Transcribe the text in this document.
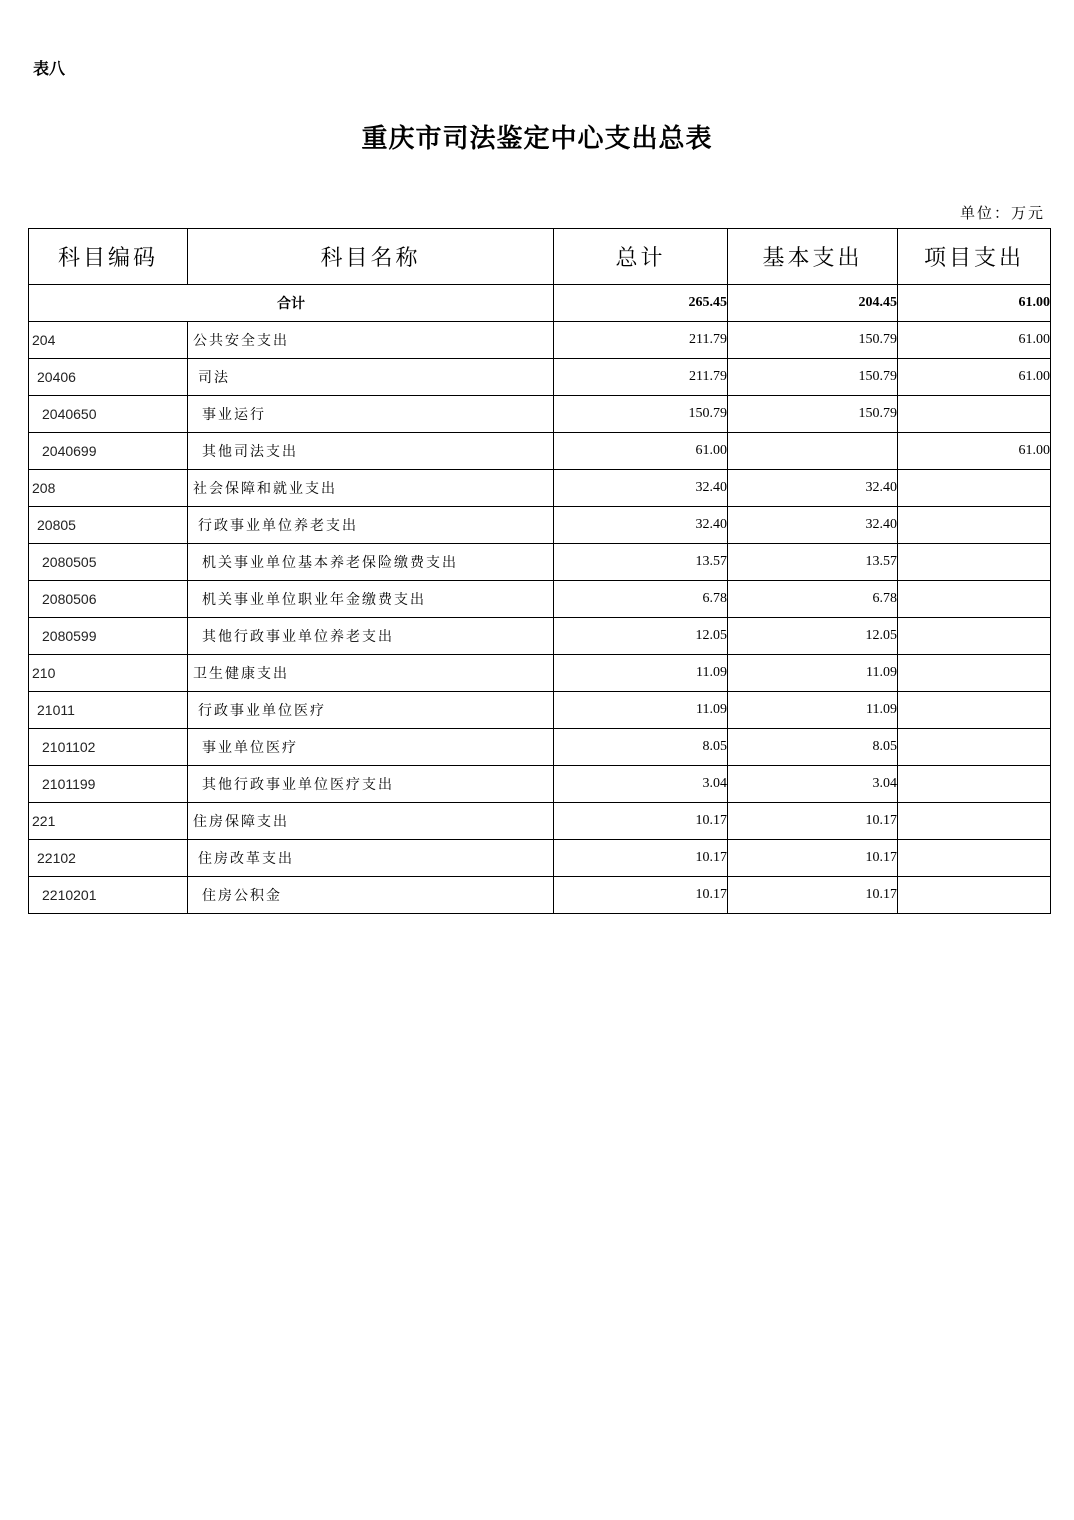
表八
重庆市司法鉴定中心支出总表
单位：万元
科目编码	科目名称	总计	基本支出	项目支出
合计		265.45	204.45	61.00
204	公共安全支出	211.79	150.79	61.00
20406	司法	211.79	150.79	61.00
2040650	事业运行	150.79	150.79	
2040699	其他司法支出	61.00		61.00
208	社会保障和就业支出	32.40	32.40	
20805	行政事业单位养老支出	32.40	32.40	
2080505	机关事业单位基本养老保险缴费支出	13.57	13.57	
2080506	机关事业单位职业年金缴费支出	6.78	6.78	
2080599	其他行政事业单位养老支出	12.05	12.05	
210	卫生健康支出	11.09	11.09	
21011	行政事业单位医疗	11.09	11.09	
2101102	事业单位医疗	8.05	8.05	
2101199	其他行政事业单位医疗支出	3.04	3.04	
221	住房保障支出	10.17	10.17	
22102	住房改革支出	10.17	10.17	
2210201	住房公积金	10.17	10.17	
